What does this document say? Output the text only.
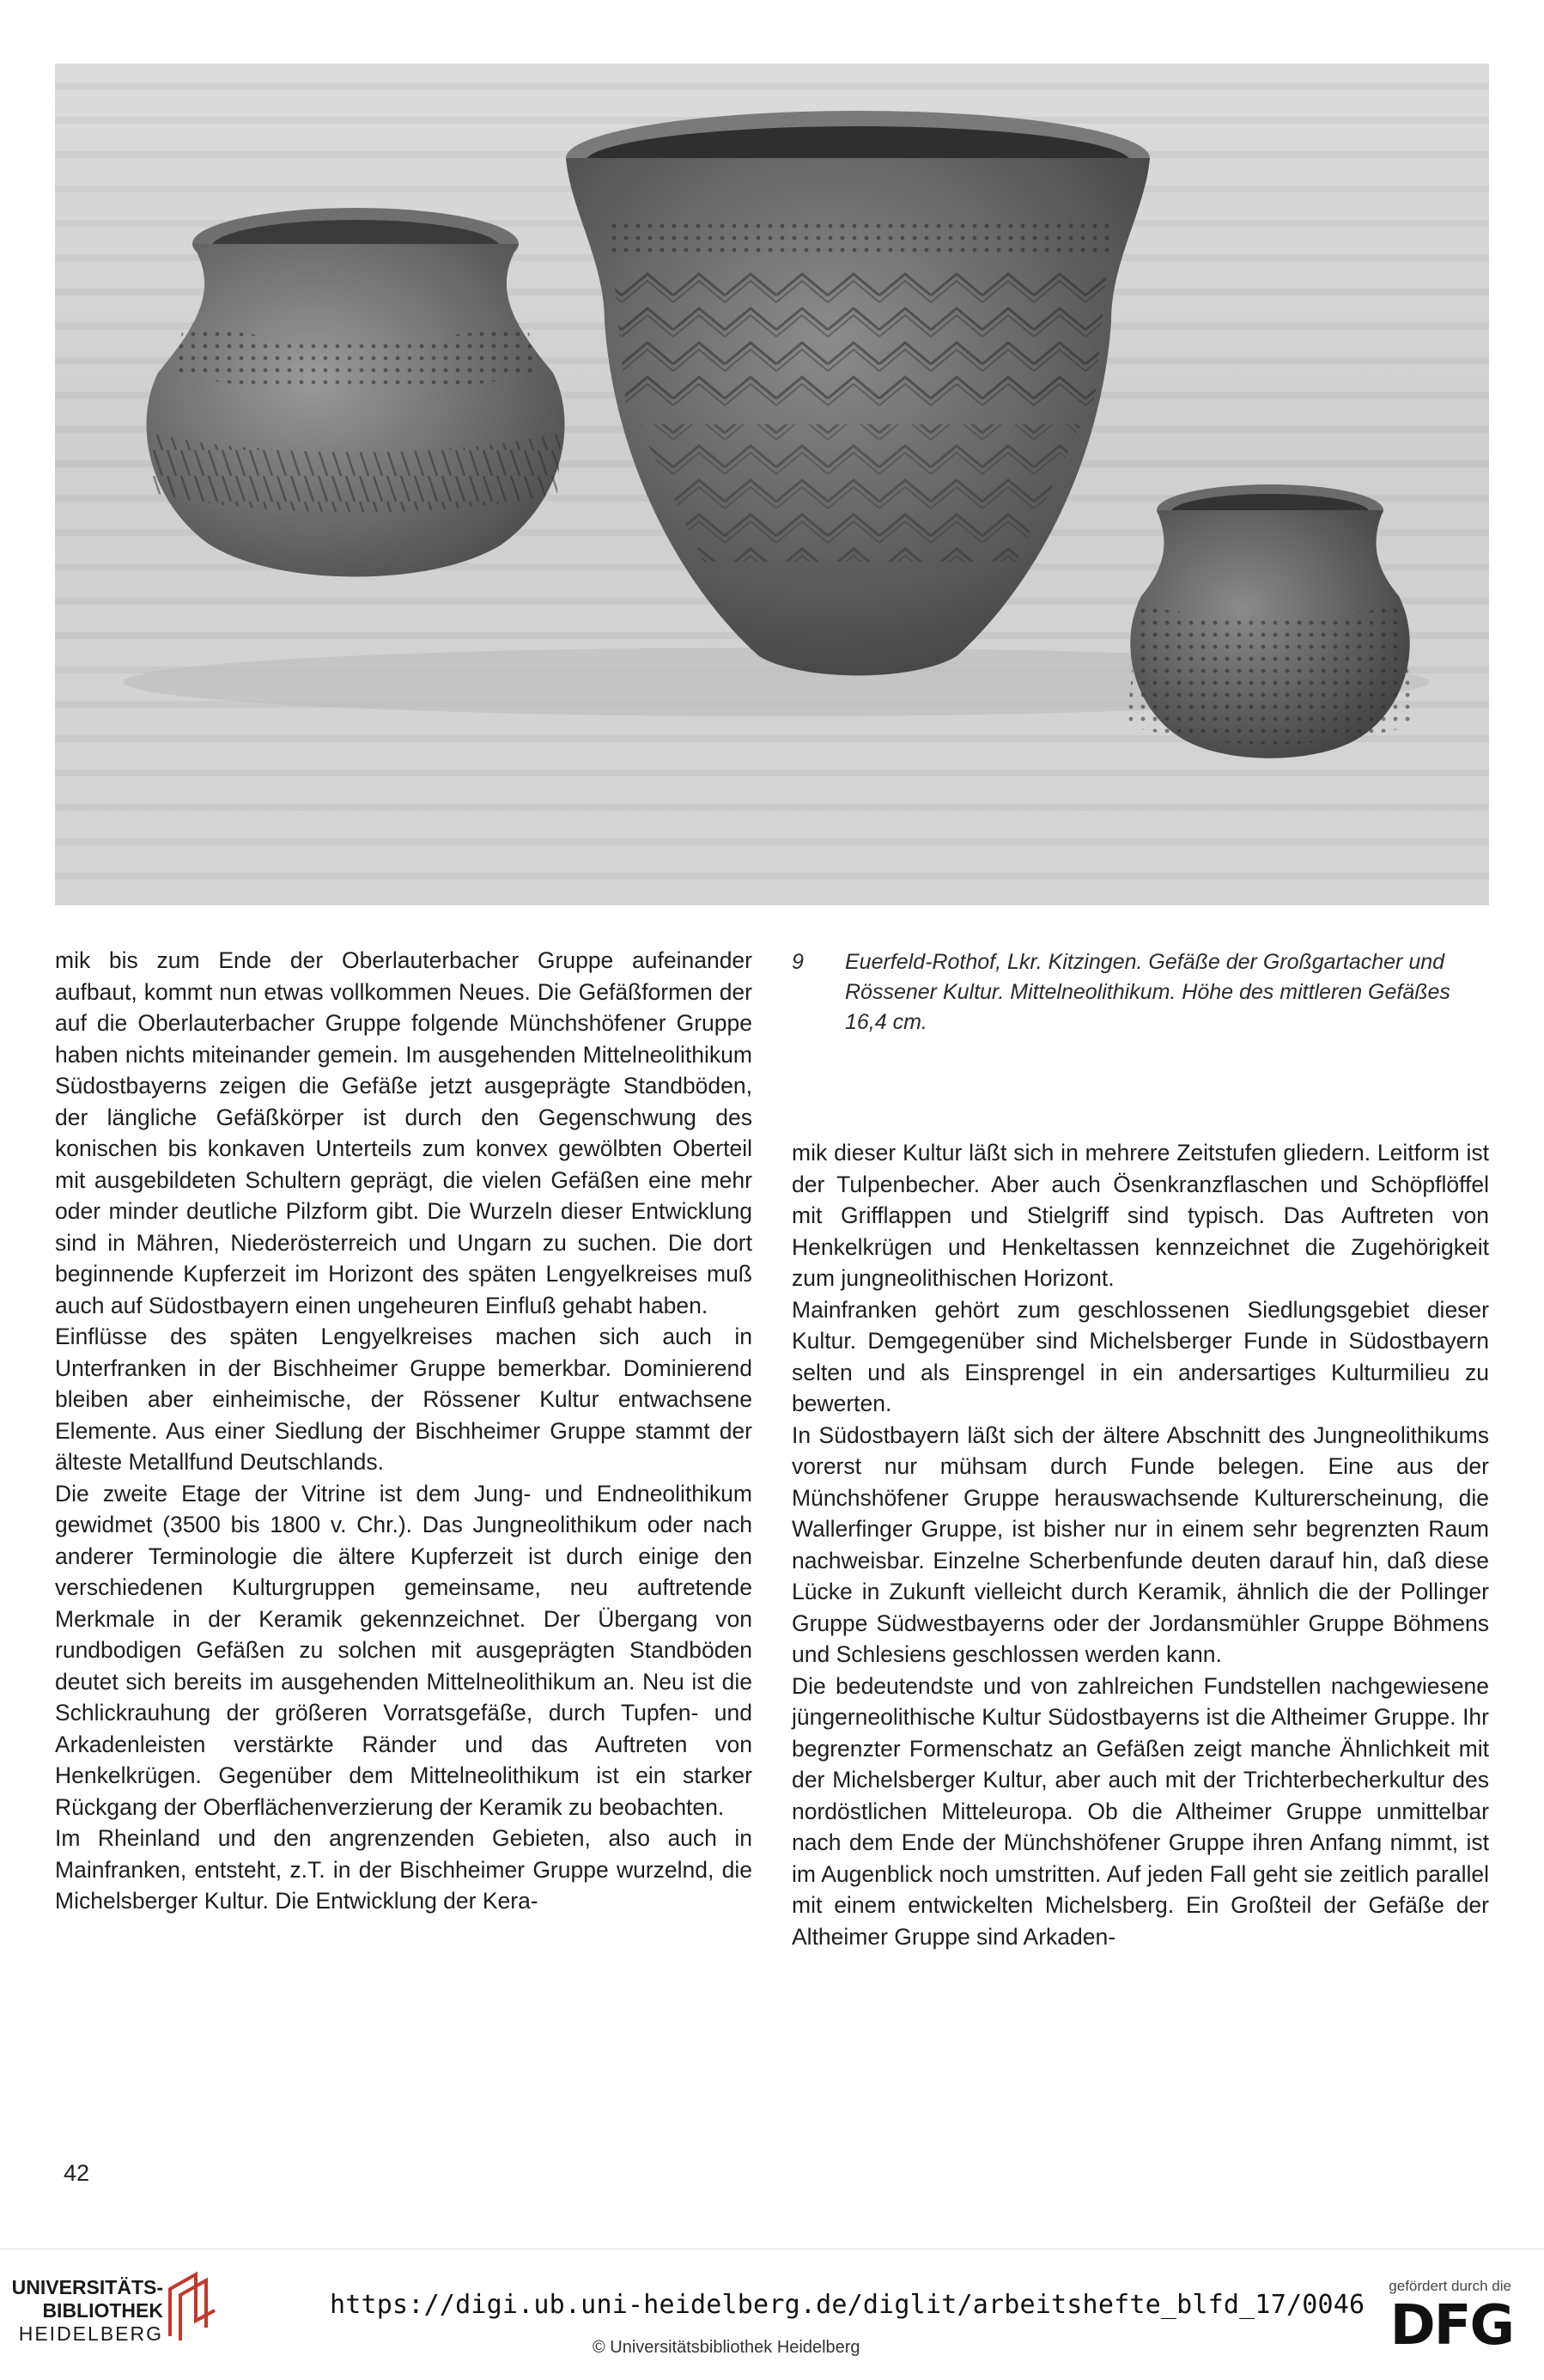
9	Euerfeld-Rothof, Lkr. Kitzingen. Gefäße der Großgartacher und Rössener Kultur. Mittelneolithikum. Höhe des mittleren Gefäßes 16,4 cm.

mik bis zum Ende der Oberlauterbacher Gruppe aufeinander aufbaut, kommt nun etwas vollkommen Neues. Die Gefäßformen der auf die Oberlauterbacher Gruppe folgende Münchshöfener Gruppe haben nichts miteinander gemein. Im ausgehenden Mittelneolithikum Südostbayerns zeigen die Gefäße jetzt ausgeprägte Standböden, der längliche Gefäßkörper ist durch den Gegenschwung des konischen bis konkaven Unterteils zum konvex gewölbten Oberteil mit ausgebildeten Schultern geprägt, die vielen Gefäßen eine mehr oder minder deutliche Pilzform gibt. Die Wurzeln dieser Entwicklung sind in Mähren, Niederösterreich und Ungarn zu suchen. Die dort beginnende Kupferzeit im Horizont des späten Lengyelkreises muß auch auf Südostbayern einen ungeheuren Einfluß gehabt haben.

Einflüsse des späten Lengyelkreises machen sich auch in Unterfranken in der Bischheimer Gruppe bemerkbar. Dominierend bleiben aber einheimische, der Rössener Kultur entwachsene Elemente. Aus einer Siedlung der Bischheimer Gruppe stammt der älteste Metallfund Deutschlands.

Die zweite Etage der Vitrine ist dem Jung- und Endneolithikum gewidmet (3500 bis 1800 v. Chr.). Das Jungneolithikum oder nach anderer Terminologie die ältere Kupferzeit ist durch einige den verschiedenen Kulturgruppen gemeinsame, neu auftretende Merkmale in der Keramik gekennzeichnet. Der Übergang von rundbodigen Gefäßen zu solchen mit ausgeprägten Standböden deutet sich bereits im ausgehenden Mittelneolithikum an. Neu ist die Schlickrauhung der größeren Vorratsgefäße, durch Tupfen- und Arkadenleisten verstärkte Ränder und das Auftreten von Henkelkrügen. Gegenüber dem Mittelneolithikum ist ein starker Rückgang der Oberflächenverzierung der Keramik zu beobachten.

Im Rheinland und den angrenzenden Gebieten, also auch in Mainfranken, entsteht, z.T. in der Bischheimer Gruppe wurzelnd, die Michelsberger Kultur. Die Entwicklung der Kera-

mik dieser Kultur läßt sich in mehrere Zeitstufen gliedern. Leitform ist der Tulpenbecher. Aber auch Ösenkranzflaschen und Schöpflöffel mit Grifflappen und Stielgriff sind typisch. Das Auftreten von Henkelkrügen und Henkeltassen kennzeichnet die Zugehörigkeit zum jungneolithischen Horizont.

Mainfranken gehört zum geschlossenen Siedlungsgebiet dieser Kultur. Demgegenüber sind Michelsberger Funde in Südostbayern selten und als Einsprengel in ein andersartiges Kulturmilieu zu bewerten.

In Südostbayern läßt sich der ältere Abschnitt des Jungneolithikums vorerst nur mühsam durch Funde belegen. Eine aus der Münchshöfener Gruppe herauswachsende Kulturerscheinung, die Wallerfinger Gruppe, ist bisher nur in einem sehr begrenzten Raum nachweisbar. Einzelne Scherbenfunde deuten darauf hin, daß diese Lücke in Zukunft vielleicht durch Keramik, ähnlich die der Pollinger Gruppe Südwestbayerns oder der Jordansmühler Gruppe Böhmens und Schlesiens geschlossen werden kann.

Die bedeutendste und von zahlreichen Fundstellen nachgewiesene jüngerneolithische Kultur Südostbayerns ist die Altheimer Gruppe. Ihr begrenzter Formenschatz an Gefäßen zeigt manche Ähnlichkeit mit der Michelsberger Kultur, aber auch mit der Trichterbecherkultur des nordöstlichen Mitteleuropa. Ob die Altheimer Gruppe unmittelbar nach dem Ende der Münchshöfener Gruppe ihren Anfang nimmt, ist im Augenblick noch umstritten. Auf jeden Fall geht sie zeitlich parallel mit einem entwickelten Michelsberg. Ein Großteil der Gefäße der Altheimer Gruppe sind Arkaden-

42
UNIVERSITÄTS-
BIBLIOTHEK
HEIDELBERG
https://digi.ub.uni-heidelberg.de/diglit/arbeitshefte_blfd_17/0046
© Universitätsbibliothek Heidelberg
gefördert durch die
DFG
